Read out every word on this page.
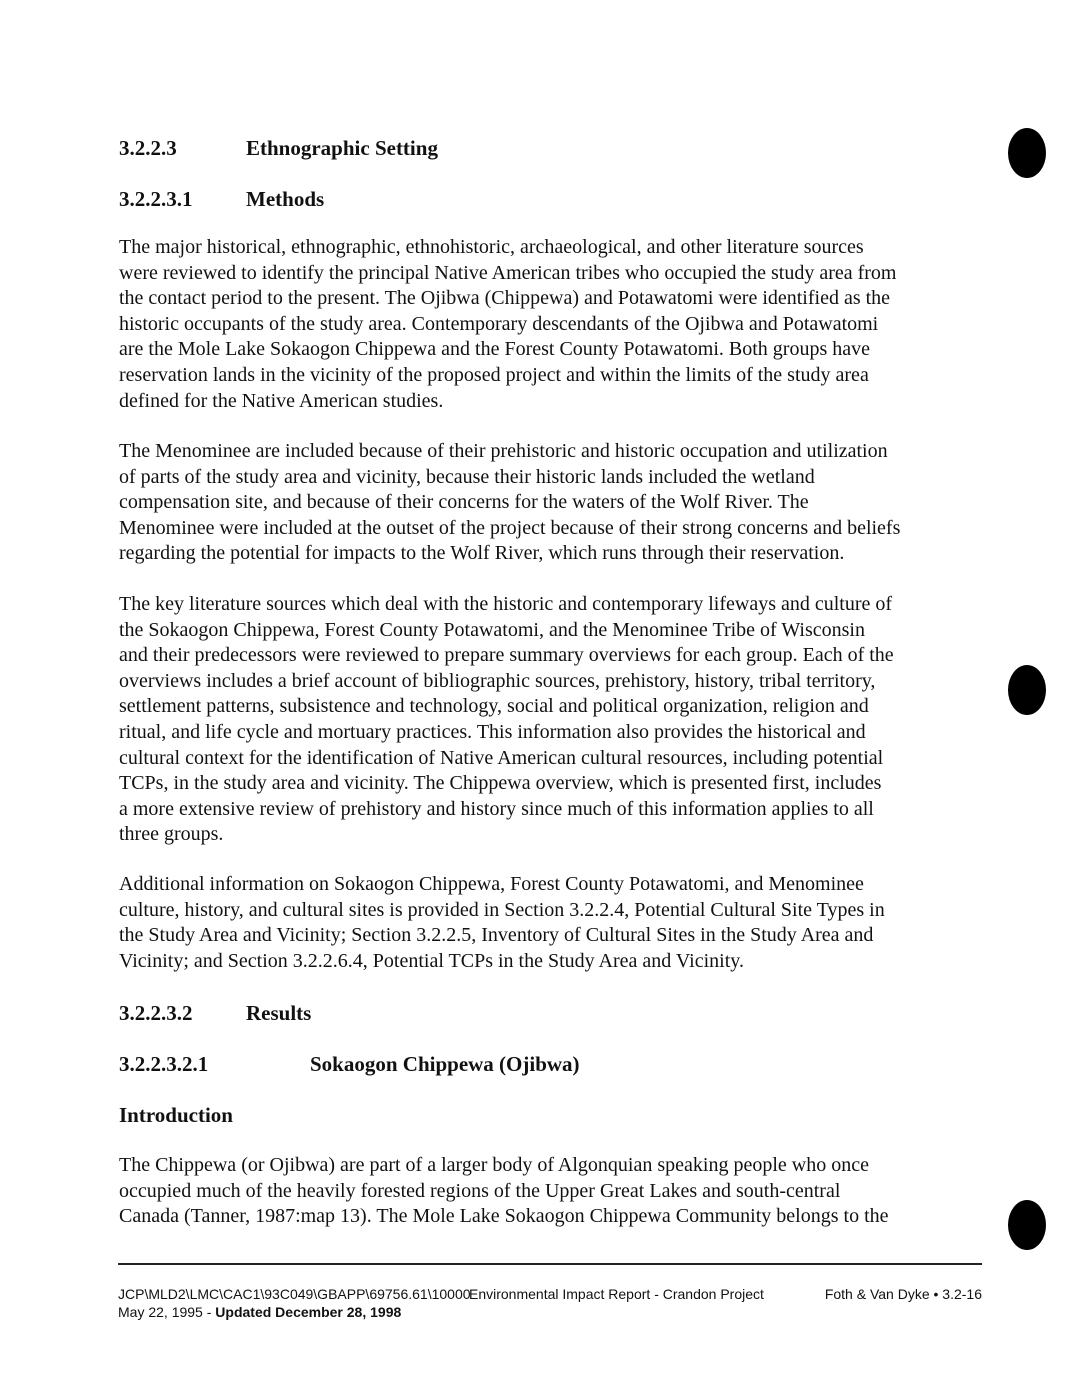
3.2.2.3	Ethnographic Setting
3.2.2.3.1	Methods

The major historical, ethnographic, ethnohistoric, archaeological, and other literature sources
were reviewed to identify the principal Native American tribes who occupied the study area from
the contact period to the present. The Ojibwa (Chippewa) and Potawatomi were identified as the
historic occupants of the study area. Contemporary descendants of the Ojibwa and Potawatomi
are the Mole Lake Sokaogon Chippewa and the Forest County Potawatomi. Both groups have
reservation lands in the vicinity of the proposed project and within the limits of the study area
defined for the Native American studies.

The Menominee are included because of their prehistoric and historic occupation and utilization
of parts of the study area and vicinity, because their historic lands included the wetland
compensation site, and because of their concerns for the waters of the Wolf River. The
Menominee were included at the outset of the project because of their strong concerns and beliefs
regarding the potential for impacts to the Wolf River, which runs through their reservation.

The key literature sources which deal with the historic and contemporary lifeways and culture of
the Sokaogon Chippewa, Forest County Potawatomi, and the Menominee Tribe of Wisconsin
and their predecessors were reviewed to prepare summary overviews for each group. Each of the
overviews includes a brief account of bibliographic sources, prehistory, history, tribal territory,
settlement patterns, subsistence and technology, social and political organization, religion and
ritual, and life cycle and mortuary practices. This information also provides the historical and
cultural context for the identification of Native American cultural resources, including potential
TCPs, in the study area and vicinity. The Chippewa overview, which is presented first, includes
a more extensive review of prehistory and history since much of this information applies to all
three groups.

Additional information on Sokaogon Chippewa, Forest County Potawatomi, and Menominee
culture, history, and cultural sites is provided in Section 3.2.2.4, Potential Cultural Site Types in
the Study Area and Vicinity; Section 3.2.2.5, Inventory of Cultural Sites in the Study Area and
Vicinity; and Section 3.2.2.6.4, Potential TCPs in the Study Area and Vicinity.

3.2.2.3.2	Results
3.2.2.3.2.1	Sokaogon Chippewa (Ojibwa)
Introduction

The Chippewa (or Ojibwa) are part of a larger body of Algonquian speaking people who once
occupied much of the heavily forested regions of the Upper Great Lakes and south-central
Canada (Tanner, 1987:map 13). The Mole Lake Sokaogon Chippewa Community belongs to the

JCP\MLD2\LMC\CAC1\93C049\GBAPP\69756.61\10000
May 22, 1995 - Updated December 28, 1998
Environmental Impact Report - Crandon Project	Foth & Van Dyke • 3.2-16
